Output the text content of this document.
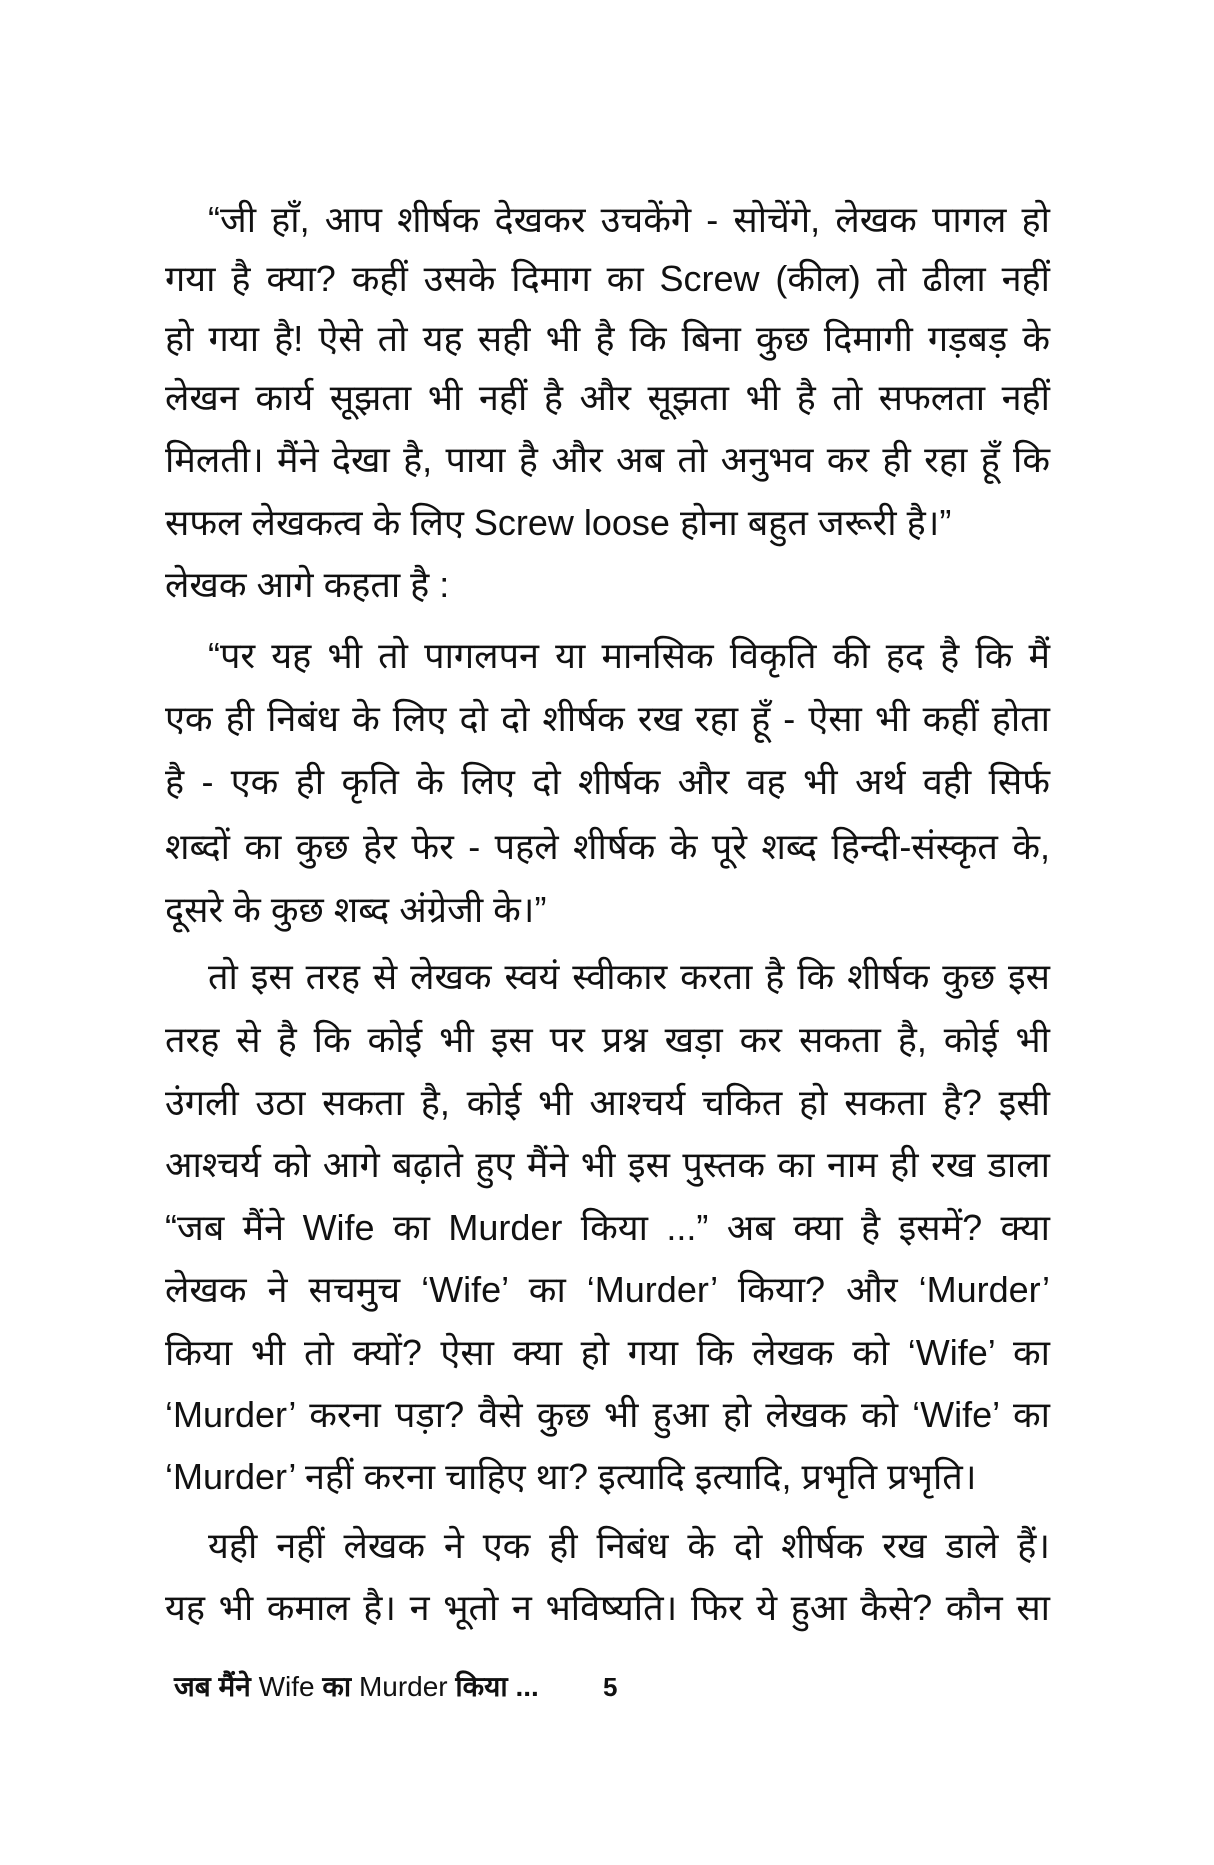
“जी हाँ, आप शीर्षक देखकर उचकेंगे - सोचेंगे, लेखक पागल हो
गया है क्या? कहीं उसके दिमाग का Screw (कील) तो ढीला नहीं
हो गया है! ऐसे तो यह सही भी है कि बिना कुछ दिमागी गड़बड़ के
लेखन कार्य सूझता भी नहीं है और सूझता भी है तो सफलता नहीं
मिलती। मैंने देखा है, पाया है और अब तो अनुभव कर ही रहा हूँ कि
सफल लेखकत्व के लिए Screw loose होना बहुत जरूरी है।”
लेखक आगे कहता है :
“पर यह भी तो पागलपन या मानसिक विकृति की हद है कि मैं
एक ही निबंध के लिए दो दो शीर्षक रख रहा हूँ - ऐसा भी कहीं होता
है - एक ही कृति के लिए दो शीर्षक और वह भी अर्थ वही सिर्फ
शब्दों का कुछ हेर फेर - पहले शीर्षक के पूरे शब्द हिन्दी-संस्कृत के,
दूसरे के कुछ शब्द अंग्रेजी के।”
तो इस तरह से लेखक स्वयं स्वीकार करता है कि शीर्षक कुछ इस
तरह से है कि कोई भी इस पर प्रश्न खड़ा कर सकता है, कोई भी
उंगली उठा सकता है, कोई भी आश्चर्य चकित हो सकता है? इसी
आश्चर्य को आगे बढ़ाते हुए मैंने भी इस पुस्तक का नाम ही रख डाला
“जब मैंने Wife का Murder किया ...” अब क्या है इसमें? क्या
लेखक ने सचमुच ‘Wife’ का ‘Murder’ किया? और ‘Murder’
किया भी तो क्यों? ऐसा क्या हो गया कि लेखक को ‘Wife’ का
‘Murder’ करना पड़ा? वैसे कुछ भी हुआ हो लेखक को ‘Wife’ का
‘Murder’ नहीं करना चाहिए था? इत्यादि इत्यादि, प्रभृति प्रभृति।
यही नहीं लेखक ने एक ही निबंध के दो शीर्षक रख डाले हैं।
यह भी कमाल है। न भूतो न भविष्यति। फिर ये हुआ कैसे? कौन सा
जब मैंने Wife का Murder किया ... 5
